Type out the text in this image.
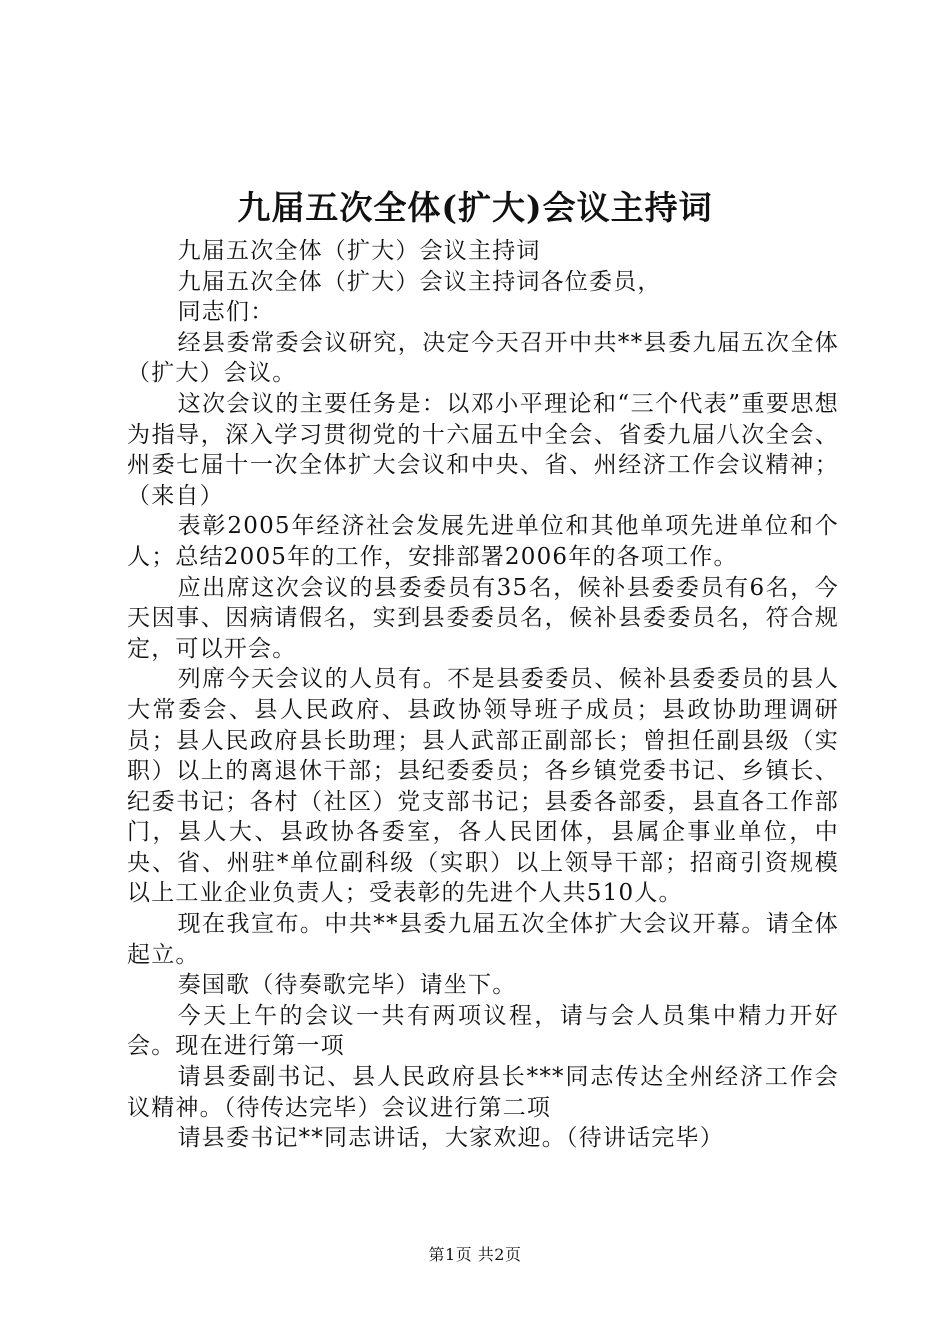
九届五次全体(扩大)会议主持词

九届五次全体（扩大）会议主持词

九届五次全体（扩大）会议主持词各位委员，

同志们：

经县委常委会议研究，决定今天召开中共**县委九届五次全体（扩大）会议。

这次会议的主要任务是：以邓小平理论和“三个代表”重要思想为指导，深入学习贯彻党的十六届五中全会、省委九届八次全会、州委七届十一次全体扩大会议和中央、省、州经济工作会议精神；（来自）

表彰2005年经济社会发展先进单位和其他单项先进单位和个人；总结2005年的工作，安排部署2006年的各项工作。

应出席这次会议的县委委员有35名，候补县委委员有6名，今天因事、因病请假名，实到县委委员名，候补县委委员名，符合规定，可以开会。

列席今天会议的人员有。不是县委委员、候补县委委员的县人大常委会、县人民政府、县政协领导班子成员；县政协助理调研员；县人民政府县长助理；县人武部正副部长；曾担任副县级（实职）以上的离退休干部；县纪委委员；各乡镇党委书记、乡镇长、纪委书记；各村（社区）党支部书记；县委各部委，县直各工作部门，县人大、县政协各委室，各人民团体，县属企事业单位，中央、省、州驻*单位副科级（实职）以上领导干部；招商引资规模以上工业企业负责人；受表彰的先进个人共510人。

现在我宣布。中共**县委九届五次全体扩大会议开幕。请全体起立。

奏国歌（待奏歌完毕）请坐下。

今天上午的会议一共有两项议程，请与会人员集中精力开好会。现在进行第一项

请县委副书记、县人民政府县长***同志传达全州经济工作会议精神。（待传达完毕）会议进行第二项

请县委书记**同志讲话，大家欢迎。（待讲话完毕）

第1页 共2页
